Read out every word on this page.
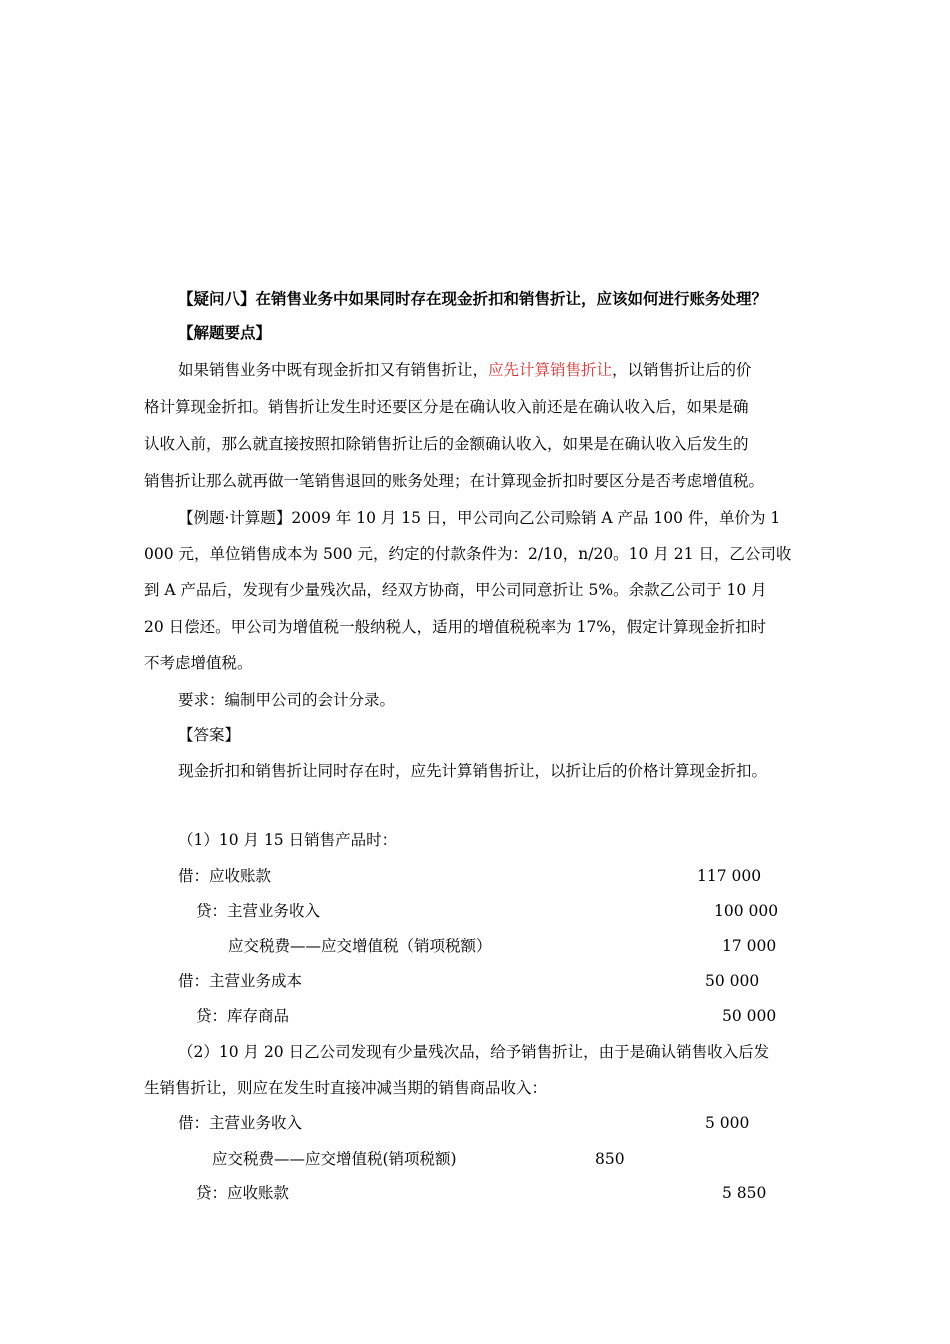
【疑问八】在销售业务中如果同时存在现金折扣和销售折让，应该如何进行账务处理？
【解题要点】
如果销售业务中既有现金折扣又有销售折让，应先计算销售折让，以销售折让后的价
格计算现金折扣。销售折让发生时还要区分是在确认收入前还是在确认收入后，如果是确
认收入前，那么就直接按照扣除销售折让后的金额确认收入，如果是在确认收入后发生的
销售折让那么就再做一笔销售退回的账务处理；在计算现金折扣时要区分是否考虑增值税。
【例题·计算题】2009 年 10 月 15 日，甲公司向乙公司赊销 A 产品 100 件，单价为 1
000 元，单位销售成本为 500 元，约定的付款条件为：2/10，n/20。10 月 21 日，乙公司收
到 A 产品后，发现有少量残次品，经双方协商，甲公司同意折让 5%。余款乙公司于 10 月
20 日偿还。甲公司为增值税一般纳税人，适用的增值税税率为 17%，假定计算现金折扣时
不考虑增值税。
要求：编制甲公司的会计分录。
【答案】
现金折扣和销售折让同时存在时，应先计算销售折让，以折让后的价格计算现金折扣。
（1）10 月 15 日销售产品时：
借：应收账款	117 000
贷：主营业务收入	100 000
应交税费——应交增值税（销项税额）	17 000
借：主营业务成本	50 000
贷：库存商品	50 000
（2）10 月 20 日乙公司发现有少量残次品，给予销售折让，由于是确认销售收入后发
生销售折让，则应在发生时直接冲减当期的销售商品收入：
借：主营业务收入	5 000
应交税费——应交增值税(销项税额)	850
贷：应收账款	5 850
